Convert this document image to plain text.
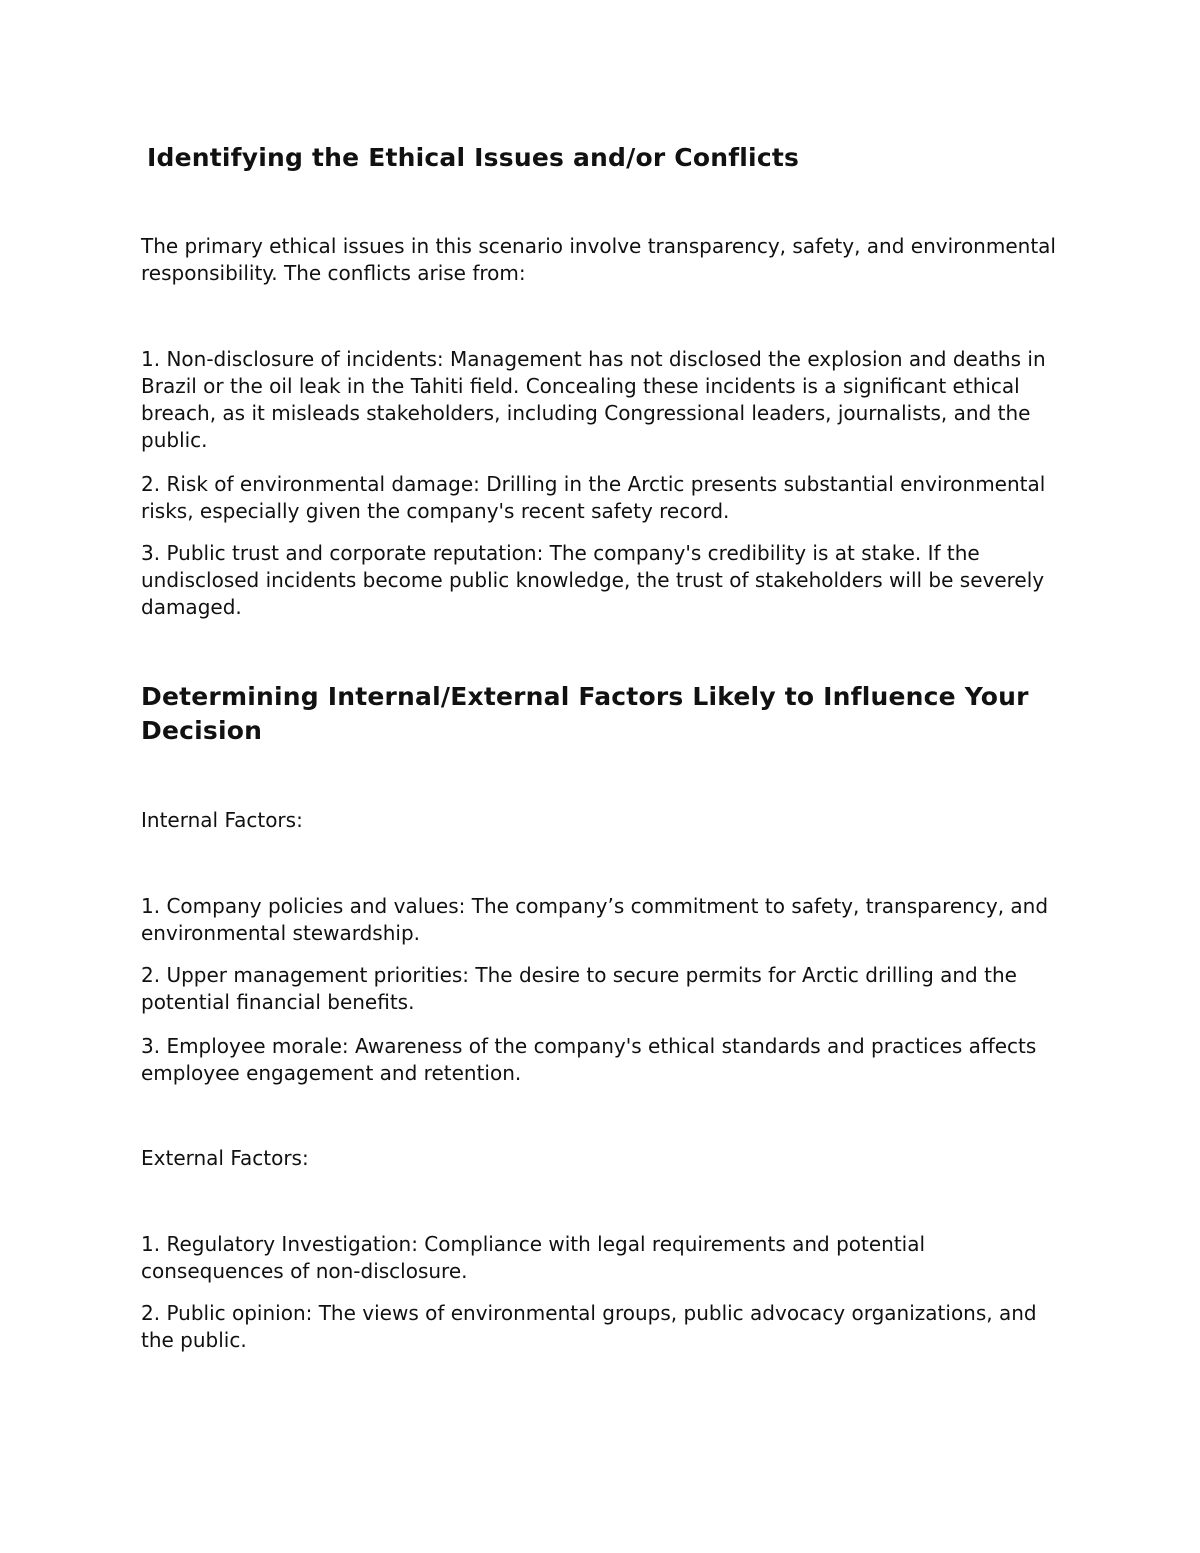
Identifying the Ethical Issues and/or Conflicts

The primary ethical issues in this scenario involve transparency, safety, and environmental responsibility. The conflicts arise from:

1. Non-disclosure of incidents: Management has not disclosed the explosion and deaths in Brazil or the oil leak in the Tahiti field. Concealing these incidents is a significant ethical breach, as it misleads stakeholders, including Congressional leaders, journalists, and the public.

2. Risk of environmental damage: Drilling in the Arctic presents substantial environmental risks, especially given the company's recent safety record.

3. Public trust and corporate reputation: The company's credibility is at stake. If the undisclosed incidents become public knowledge, the trust of stakeholders will be severely damaged.

Determining Internal/External Factors Likely to Influence Your Decision

Internal Factors:

1. Company policies and values: The company’s commitment to safety, transparency, and environmental stewardship.

2. Upper management priorities: The desire to secure permits for Arctic drilling and the potential financial benefits.

3. Employee morale: Awareness of the company's ethical standards and practices affects employee engagement and retention.

External Factors:

1. Regulatory Investigation: Compliance with legal requirements and potential consequences of non-disclosure.

2. Public opinion: The views of environmental groups, public advocacy organizations, and the public.
